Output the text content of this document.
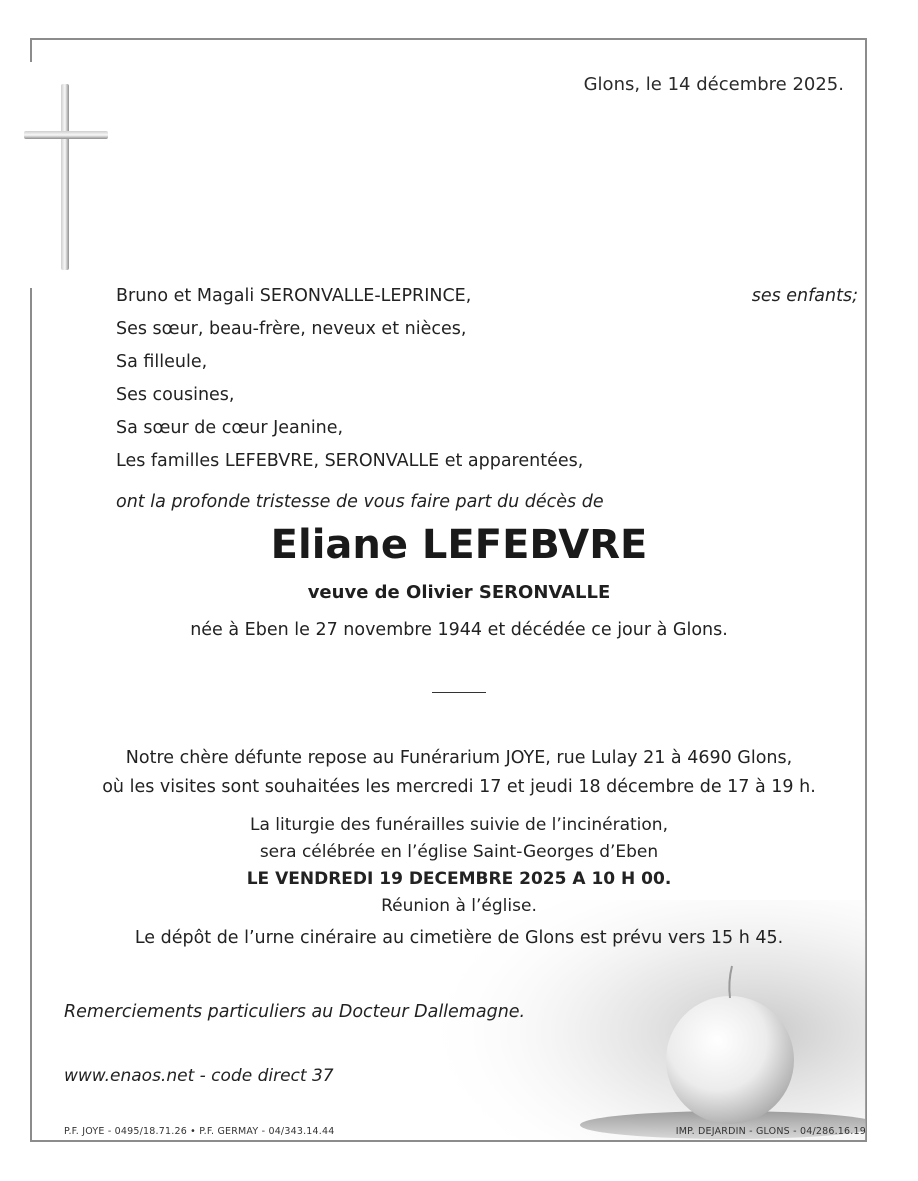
Glons, le 14 décembre 2025.
Bruno et Magali SERONVALLE-LEPRINCE,	ses enfants;
Ses sœur, beau-frère, neveux et nièces,
Sa filleule,
Ses cousines,
Sa sœur de cœur Jeanine,
Les familles LEFEBVRE, SERONVALLE et apparentées,
ont la profonde tristesse de vous faire part du décès de
Eliane LEFEBVRE
veuve de Olivier SERONVALLE
née à Eben le 27 novembre 1944 et décédée ce jour à Glons.
Notre chère défunte repose au Funérarium JOYE, rue Lulay 21 à 4690 Glons,
où les visites sont souhaitées les mercredi 17 et jeudi 18 décembre de 17 à 19 h.
La liturgie des funérailles suivie de l’incinération,
sera célébrée en l’église Saint-Georges d’Eben
LE VENDREDI 19 DECEMBRE 2025 A 10 H 00.
Réunion à l’église.
Le dépôt de l’urne cinéraire au cimetière de Glons est prévu vers 15 h 45.
Remerciements particuliers au Docteur Dallemagne.
www.enaos.net - code direct 37
P.F. JOYE - 0495/18.71.26 • P.F. GERMAY - 04/343.14.44	IMP. DEJARDIN - GLONS - 04/286.16.19
